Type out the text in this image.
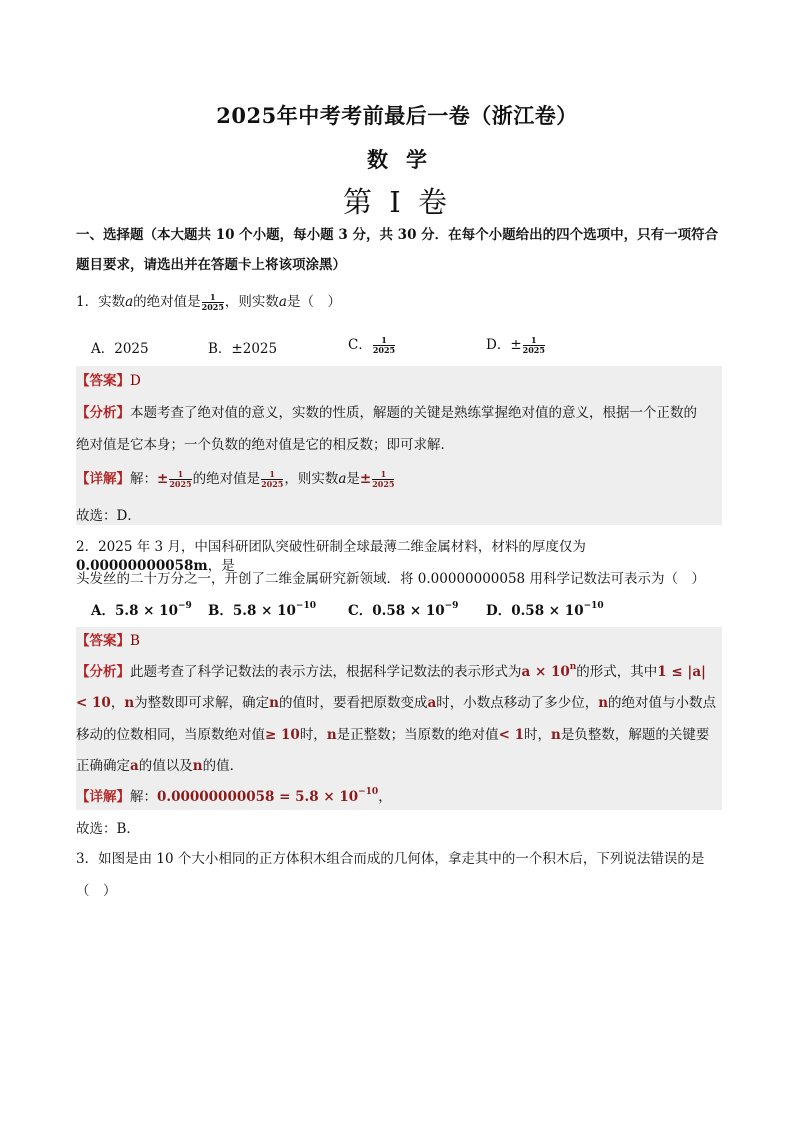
2025年中考考前最后一卷（浙江卷）
数学
第 I 卷
一、选择题（本大题共 10 个小题，每小题 3 分，共 30 分．在每个小题给出的四个选项中，只有一项符合
题目要求，请选出并在答题卡上将该项涂黑）
1．实数a的绝对值是 $\frac{1}{2025}$ ，则实数a是（　）
A．2025	B．±2025	C． $\frac{1}{2025}$	D．± $\frac{1}{2025}$
【答案】D
【分析】本题考查了绝对值的意义，实数的性质，解题的关键是熟练掌握绝对值的意义，根据一个正数的
绝对值是它本身；一个负数的绝对值是它的相反数；即可求解．
【详解】解：± $\frac{1}{2025}$ 的绝对值是 $\frac{1}{2025}$ ，则实数a是± $\frac{1}{2025}$
故选：D．
2．2025 年 3 月，中国科研团队突破性研制全球最薄二维金属材料，材料的厚度仅为0.00000000058m，是
头发丝的二十万分之一，开创了二维金属研究新领域．将 0.00000000058 用科学记数法可表示为（　）
A．$5.8 \times 10^{-9}$ B．$5.8 \times 10^{-10}$ C．$0.58 \times 10^{-9}$ D．$0.58 \times 10^{-10}$
【答案】B
【分析】此题考查了科学记数法的表示方法，根据科学记数法的表示形式为$a \times 10^n$的形式，其中1 ≤ |a|
< 10，n为整数即可求解，确定n的值时，要看把原数变成a时，小数点移动了多少位，n的绝对值与小数点
移动的位数相同，当原数绝对值≥ 10时，n是正整数；当原数的绝对值< 1时，n是负整数，解题的关键要
正确确定a的值以及n的值．
【详解】解：$0.00000000058 = 5.8 \times 10^{-10}$，
故选：B．
3．如图是由 10 个大小相同的正方体积木组合而成的几何体，拿走其中的一个积木后，下列说法错误的是
（　）
